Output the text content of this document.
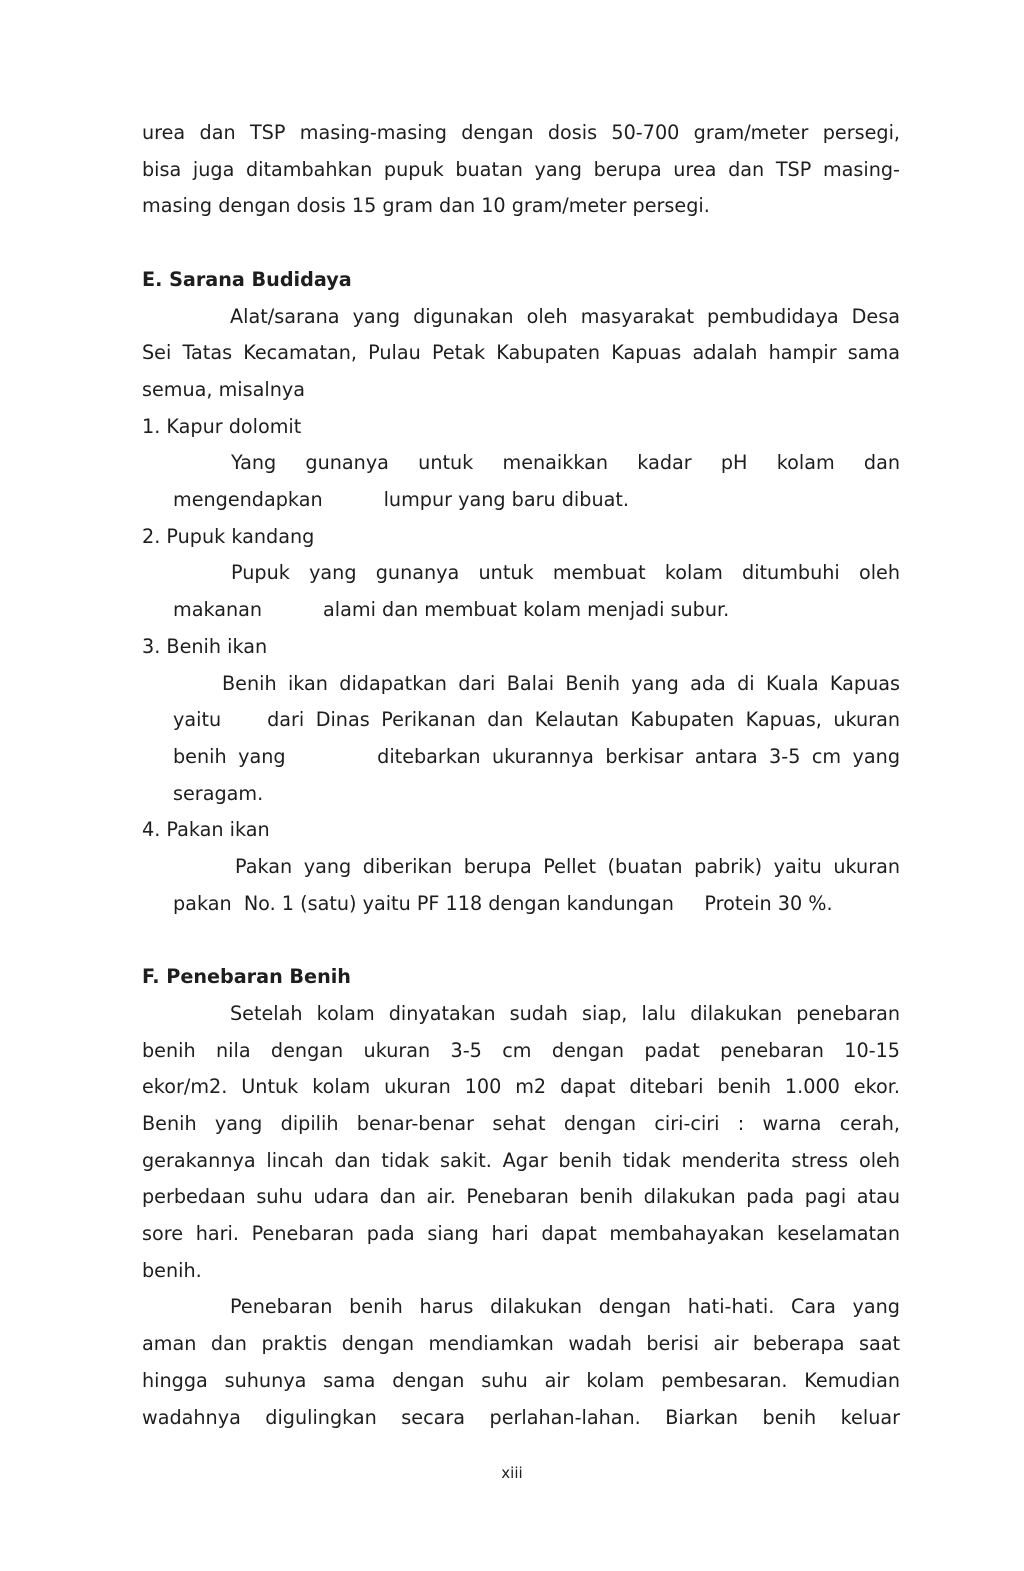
urea dan TSP masing-masing dengan dosis 50-700 gram/meter persegi,

bisa juga ditambahkan pupuk buatan yang berupa urea dan TSP masing-

masing dengan dosis 15 gram dan 10 gram/meter persegi.

E. Sarana Budidaya

Alat/sarana yang digunakan oleh masyarakat pembudidaya Desa

Sei Tatas Kecamatan, Pulau Petak Kabupaten Kapuas adalah hampir sama

semua, misalnya

1. Kapur dolomit

Yang gunanya untuk menaikkan kadar pH kolam dan

mengendapkan          lumpur yang baru dibuat.

2. Pupuk kandang

Pupuk yang gunanya untuk membuat kolam ditumbuhi oleh

makanan          alami dan membuat kolam menjadi subur.

3. Benih ikan

Benih ikan didapatkan dari Balai Benih yang ada di Kuala Kapuas

yaitu    dari Dinas Perikanan dan Kelautan Kabupaten Kapuas, ukuran

benih yang        ditebarkan ukurannya berkisar antara 3-5 cm yang

seragam.

4. Pakan ikan

Pakan yang diberikan berupa Pellet (buatan pabrik) yaitu ukuran

pakan  No. 1 (satu) yaitu PF 118 dengan kandungan     Protein 30 %.

F. Penebaran Benih

Setelah kolam dinyatakan sudah siap, lalu dilakukan penebaran

benih nila dengan ukuran 3-5 cm dengan padat penebaran 10-15

ekor/m2. Untuk kolam ukuran 100 m2 dapat ditebari benih 1.000 ekor.

Benih yang dipilih benar-benar sehat dengan ciri-ciri : warna cerah,

gerakannya lincah dan tidak sakit. Agar benih tidak menderita stress oleh

perbedaan suhu udara dan air. Penebaran benih dilakukan pada pagi atau

sore hari. Penebaran pada siang hari dapat membahayakan keselamatan

benih.

Penebaran benih harus dilakukan dengan hati-hati. Cara yang

aman dan praktis dengan mendiamkan wadah berisi air beberapa saat

hingga suhunya sama dengan suhu air kolam pembesaran. Kemudian

wadahnya digulingkan secara perlahan-lahan. Biarkan benih keluar

xiii
